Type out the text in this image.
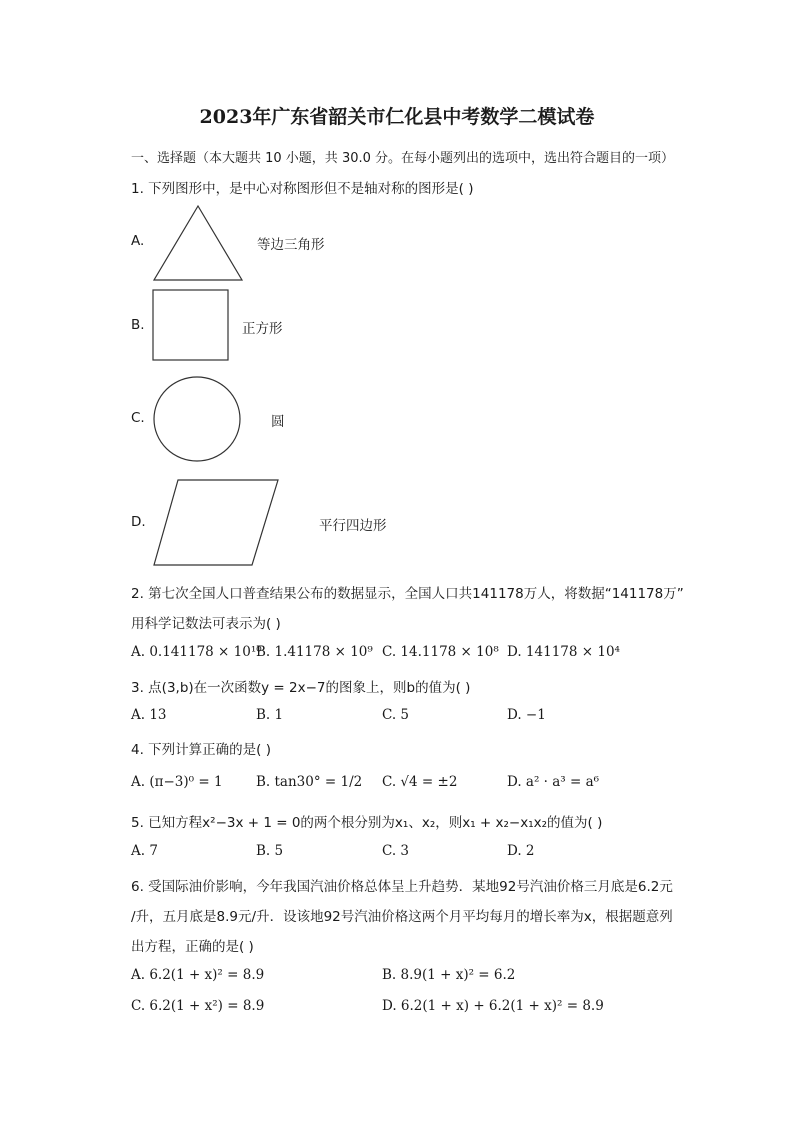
2023年广东省韶关市仁化县中考数学二模试卷
一、选择题（本大题共 10 小题，共 30.0 分。在每小题列出的选项中，选出符合题目的一项）
1. 下列图形中，是中心对称图形但不是轴对称的图形是( )
A.	等边三角形
B.	正方形
C.	圆
D.	平行四边形
2. 第七次全国人口普查结果公布的数据显示，全国人口共141178万人，将数据“141178万”
用科学记数法可表示为( )
A. 0.141178 × 10¹⁰
B. 1.41178 × 10⁹ C. 14.1178 × 10⁸ D. 141178 × 10⁴
3. 点(3,b)在一次函数y = 2x−7的图象上，则b的值为( )
A. 13	B. 1	C. 5	D. −1
4. 下列计算正确的是( )
A. (π−3)⁰ = 1 B. tan30° = 1/2 C. √4 = ±2	D. a² · a³ = a⁶
5. 已知方程x²−3x + 1 = 0的两个根分别为x₁、x₂，则x₁ + x₂−x₁x₂的值为( )
A. 7	B. 5	C. 3	D. 2
6. 受国际油价影响，今年我国汽油价格总体呈上升趋势．某地92号汽油价格三月底是6.2元
/升，五月底是8.9元/升．设该地92号汽油价格这两个月平均每月的增长率为x，根据题意列
出方程，正确的是( )
A. 6.2(1 + x)² = 8.9	B. 8.9(1 + x)² = 6.2
C. 6.2(1 + x²) = 8.9	D. 6.2(1 + x) + 6.2(1 + x)² = 8.9
